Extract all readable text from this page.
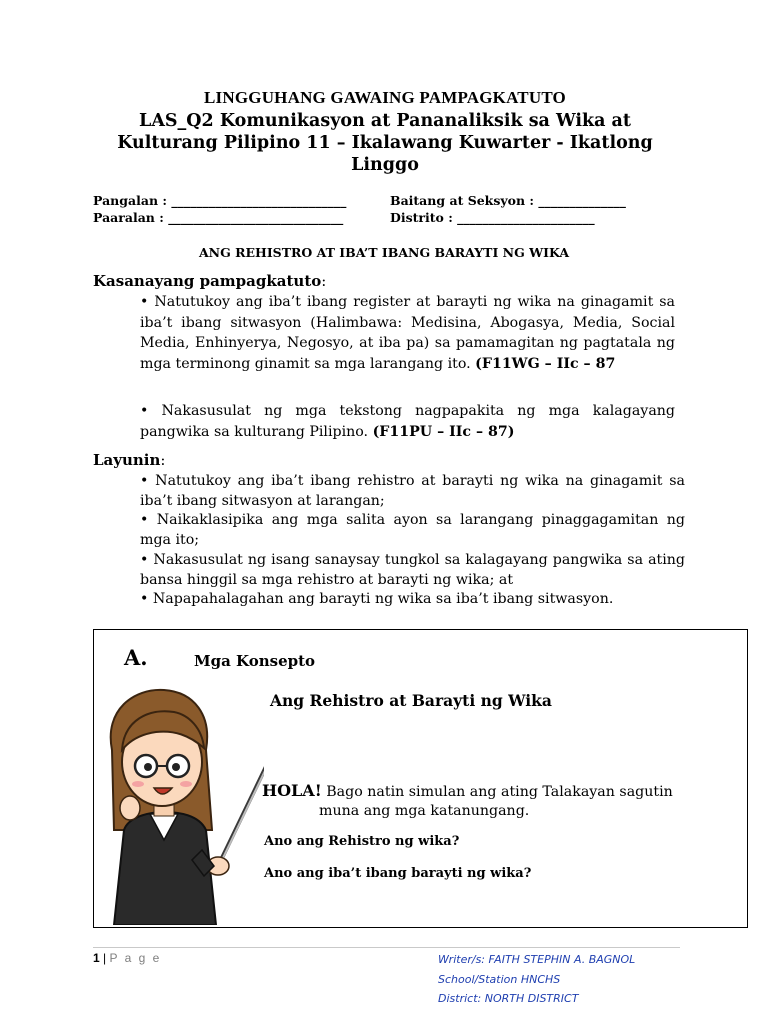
LINGGUHANG GAWAING PAMPAGKATUTO
LAS_Q2 Komunikasyon at Pananaliksik sa Wika at
Kulturang Pilipino 11 – Ikalawang Kuwarter - Ikatlong
Linggo
Pangalan : ____________________________	Baitang at Seksyon : ______________
Paaralan : ____________________________	Distrito : ______________________
ANG REHISTRO AT IBA’T IBANG BARAYTI NG WIKA
Kasanayang pampagkatuto:
• Natutukoy ang iba’t ibang register at barayti ng wika na ginagamit sa iba’t ibang sitwasyon (Halimbawa: Medisina, Abogasya, Media, Social Media, Enhinyerya, Negosyo, at iba pa) sa pamamagitan ng pagtatala ng mga terminong ginamit sa mga larangang ito. (F11WG – IIc – 87
• Nakasusulat ng mga tekstong nagpapakita ng mga kalagayang pangwika sa kulturang Pilipino. (F11PU – IIc – 87)
Layunin:
• Natutukoy ang iba’t ibang rehistro at barayti ng wika na ginagamit sa iba’t ibang sitwasyon at larangan;
• Naikaklasipika ang mga salita ayon sa larangang pinaggagamitan ng mga ito;
• Nakasusulat ng isang sanaysay tungkol sa kalagayang pangwika sa ating bansa hinggil sa mga rehistro at barayti ng wika; at
• Napapahalagahan ang barayti ng wika sa iba’t ibang sitwasyon.
A.	Mga Konsepto
Ang Rehistro at Barayti ng Wika
HOLA! Bago natin simulan ang ating Talakayan sagutin
muna ang mga katanungang.
Ano ang Rehistro ng wika?
Ano ang iba’t ibang barayti ng wika?
1 | P a g e	Writer/s: FAITH STEPHIN A. BAGNOL
School/Station HNCHS
District: NORTH DISTRICT
